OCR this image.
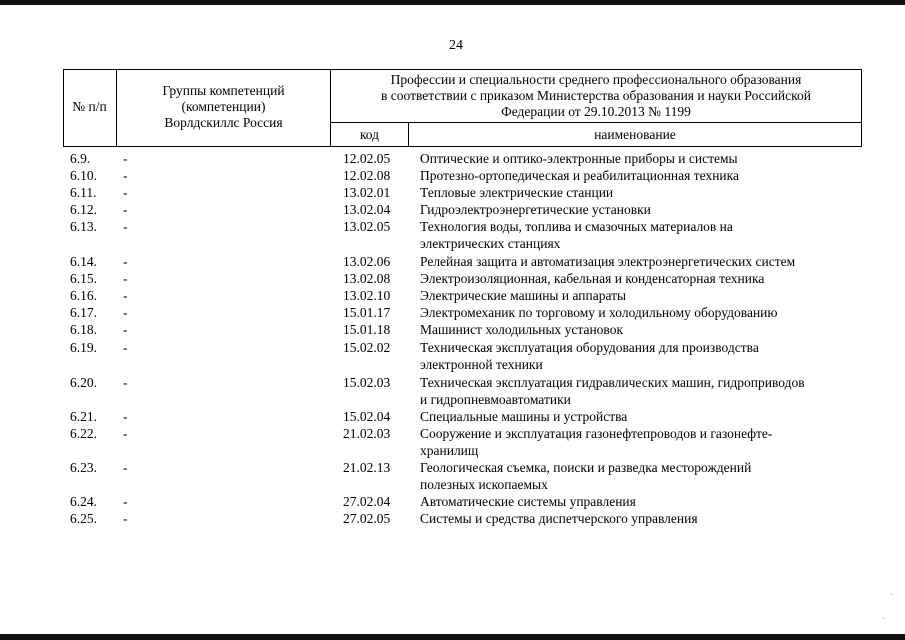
24
№ п/п
Группы компетенций
(компетенции)
Ворлдскиллс Россия
Профессии и специальности среднего профессионального образования
в соответствии с приказом Министерства образования и науки Российской
Федерации от 29.10.2013 № 1199
код	наименование
6.9. -	12.02.05 Оптические и оптико-электронные приборы и системы
6.10. -	12.02.08 Протезно-ортопедическая и реабилитационная техника
6.11. -	13.02.01 Тепловые электрические станции
6.12. -	13.02.04 Гидроэлектроэнергетические установки
6.13. -	13.02.05 Технология воды, топлива и смазочных материалов на
электрических станциях
6.14. -	13.02.06 Релейная защита и автоматизация электроэнергетических систем
6.15. -	13.02.08 Электроизоляционная, кабельная и конденсаторная техника
6.16. -	13.02.10 Электрические машины и аппараты
6.17. -	15.01.17 Электромеханик по торговому и холодильному оборудованию
6.18. -	15.01.18 Машинист холодильных установок
6.19. -	15.02.02 Техническая эксплуатация оборудования для производства
электронной техники
6.20. -	15.02.03 Техническая эксплуатация гидравлических машин, гидроприводов
и гидропневмоавтоматики
6.21. -	15.02.04 Специальные машины и устройства
6.22. -	21.02.03 Сооружение и эксплуатация газонефтепроводов и газонефте-
хранилищ
6.23. -	21.02.13 Геологическая съемка, поиски и разведка месторождений
полезных ископаемых
6.24. -	27.02.04 Автоматические системы управления
6.25. -	27.02.05 Системы и средства диспетчерского управления
·
·
